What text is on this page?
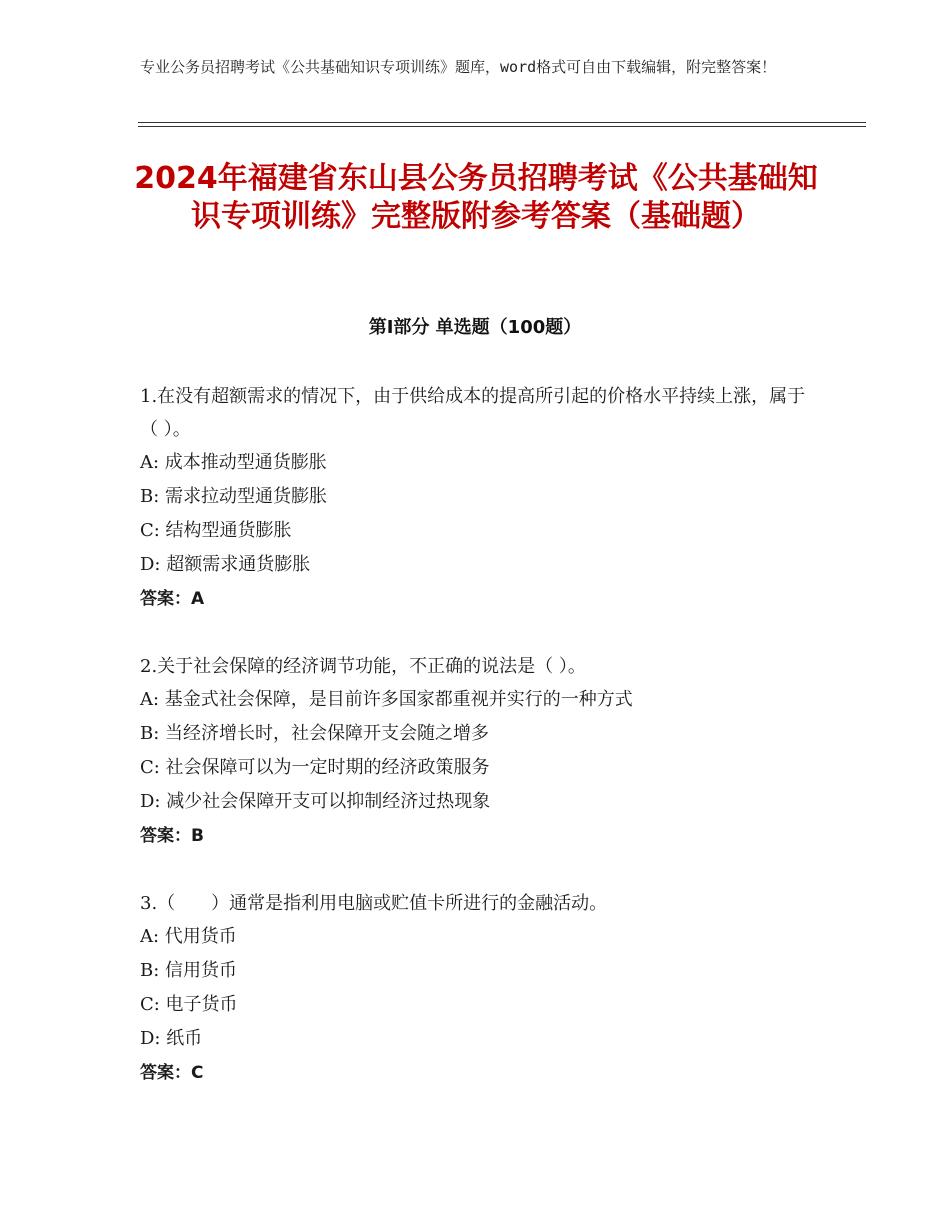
专业公务员招聘考试《公共基础知识专项训练》题库，word格式可自由下载编辑，附完整答案！
2024年福建省东山县公务员招聘考试《公共基础知识专项训练》完整版附参考答案（基础题）
第Ⅰ部分 单选题（100题）

1.在没有超额需求的情况下，由于供给成本的提高所引起的价格水平持续上涨，属于（ ）。

A: 成本推动型通货膨胀

B: 需求拉动型通货膨胀

C: 结构型通货膨胀

D: 超额需求通货膨胀

答案：A

2.关于社会保障的经济调节功能，不正确的说法是（ ）。

A: 基金式社会保障，是目前许多国家都重视并实行的一种方式

B: 当经济增长时，社会保障开支会随之增多

C: 社会保障可以为一定时期的经济政策服务

D: 减少社会保障开支可以抑制经济过热现象

答案：B

3.（　　）通常是指利用电脑或贮值卡所进行的金融活动。

A: 代用货币

B: 信用货币

C: 电子货币

D: 纸币

答案：C
